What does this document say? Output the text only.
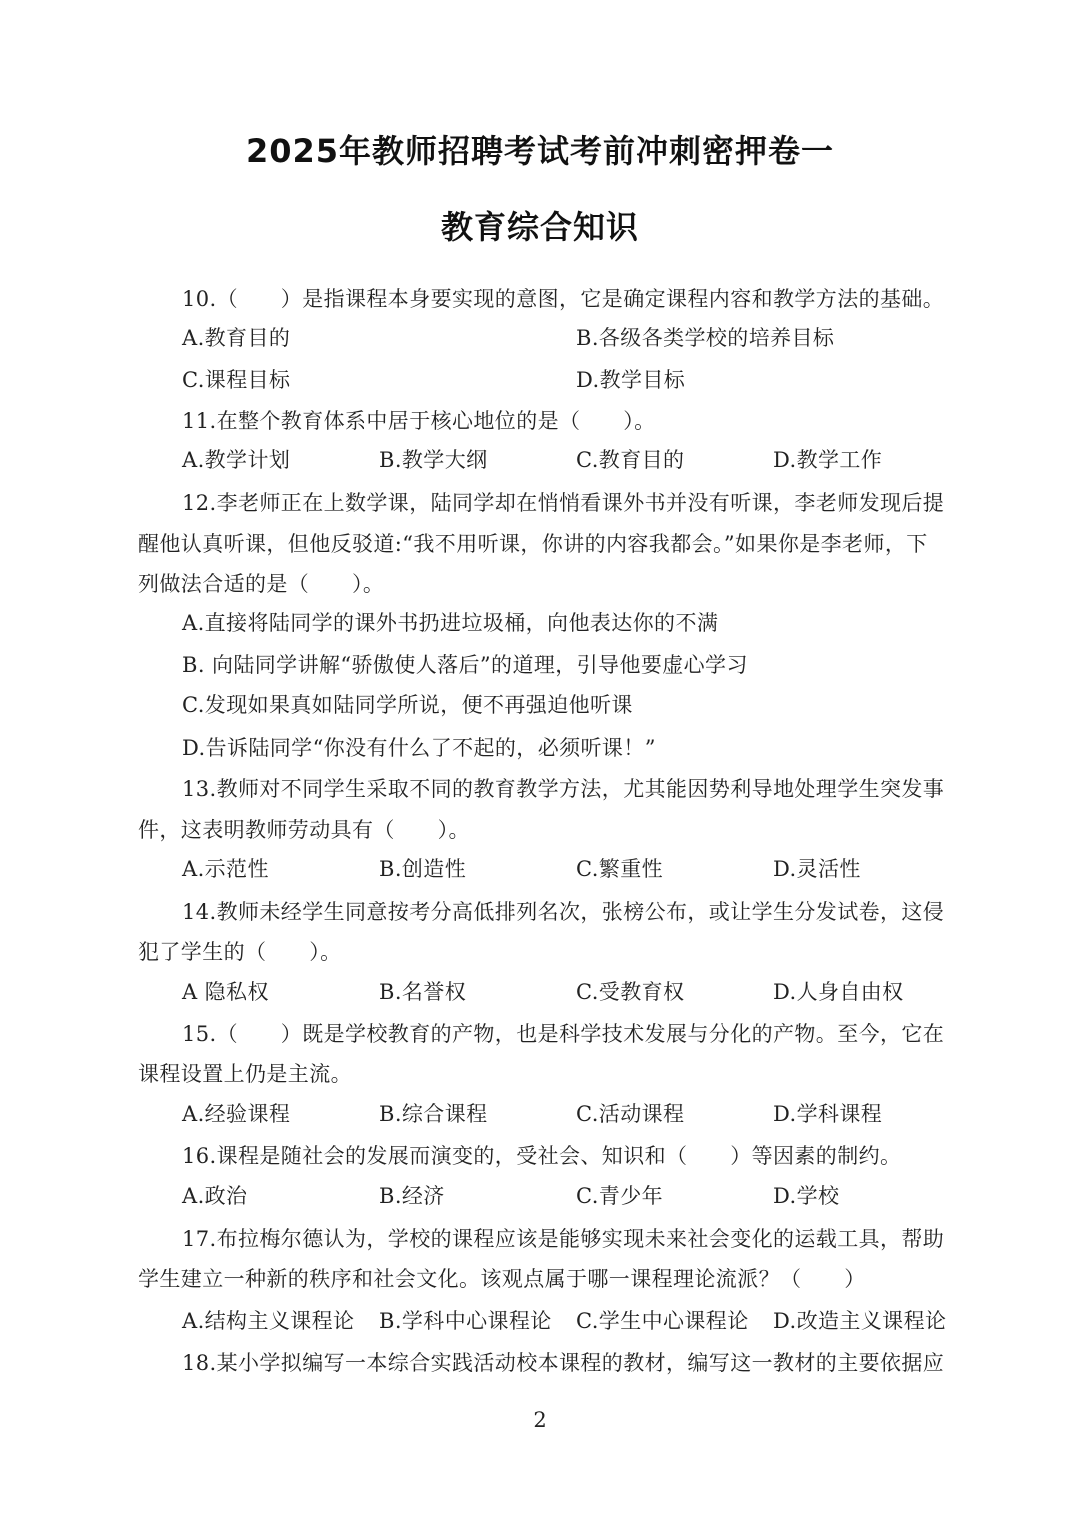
2025年教师招聘考试考前冲刺密押卷一
教育综合知识
10.（　　）是指课程本身要实现的意图，它是确定课程内容和教学方法的基础。
A.教育目的	B.各级各类学校的培养目标
C.课程目标	D.教学目标
11.在整个教育体系中居于核心地位的是（　　）。
A.教学计划	B.教学大纲	C.教育目的	D.教学工作
12.李老师正在上数学课，陆同学却在悄悄看课外书并没有听课，李老师发现后提
醒他认真听课，但他反驳道:“我不用听课，你讲的内容我都会。”如果你是李老师，下
列做法合适的是（　　）。
A.直接将陆同学的课外书扔进垃圾桶，向他表达你的不满
B. 向陆同学讲解“骄傲使人落后”的道理，引导他要虚心学习
C.发现如果真如陆同学所说，便不再强迫他听课
D.告诉陆同学“你没有什么了不起的，必须听课！”
13.教师对不同学生采取不同的教育教学方法，尤其能因势利导地处理学生突发事
件，这表明教师劳动具有（　　）。
A.示范性	B.创造性	C.繁重性	D.灵活性
14.教师未经学生同意按考分高低排列名次，张榜公布，或让学生分发试卷，这侵
犯了学生的（　　）。
A 隐私权	B.名誉权	C.受教育权	D.人身自由权
15.（　　）既是学校教育的产物，也是科学技术发展与分化的产物。至今，它在
课程设置上仍是主流。
A.经验课程	B.综合课程	C.活动课程	D.学科课程
16.课程是随社会的发展而演变的，受社会、知识和（　　）等因素的制约。
A.政治	B.经济	C.青少年	D.学校
17.布拉梅尔德认为，学校的课程应该是能够实现未来社会变化的运载工具，帮助
学生建立一种新的秩序和社会文化。该观点属于哪一课程理论流派？（　　）
A.结构主义课程论 B.学科中心课程论 C.学生中心课程论 D.改造主义课程论
18.某小学拟编写一本综合实践活动校本课程的教材，编写这一教材的主要依据应
2
